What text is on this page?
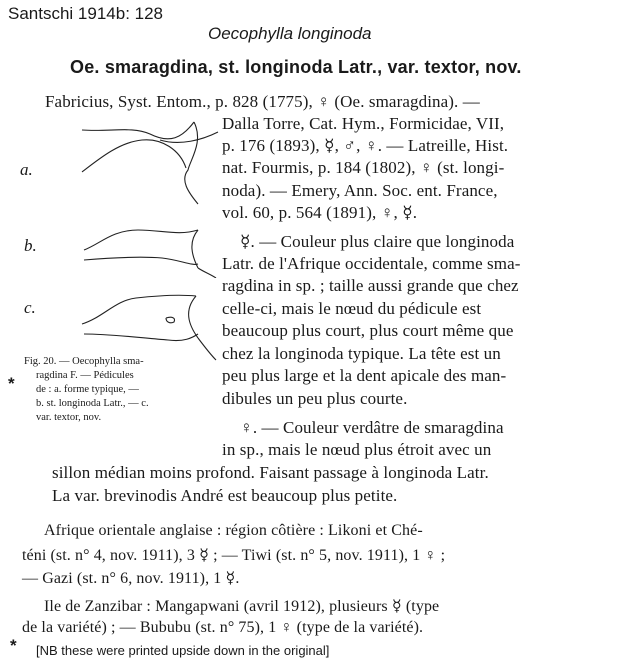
Santschi 1914b: 128
Oecophylla longinoda
Oe. smaragdina, st. longinoda Latr., var. textor, nov.
a.
b.
c.
Fig. 20. — Oecophylla sma-
ragdina F. — Pédicules
de : a. forme typique, —
b. st. longinoda Latr., — c.
var. textor, nov.
*
Fabricius, Syst. Entom., p. 828 (1775), ♀ (Oe. smaragdina). —
Dalla Torre, Cat. Hym., Formicidae, VII,
p. 176 (1893), ☿, ♂, ♀. — Latreille, Hist.
nat. Fourmis, p. 184 (1802), ♀ (st. longi-
noda). — Emery, Ann. Soc. ent. France,
vol. 60, p. 564 (1891), ♀, ☿.
☿. — Couleur plus claire que longinoda
Latr. de l'Afrique occidentale, comme sma-
ragdina in sp. ; taille aussi grande que chez
celle-ci, mais le nœud du pédicule est
beaucoup plus court, plus court même que
chez la longinoda typique. La tête est un
peu plus large et la dent apicale des man-
dibules un peu plus courte.
♀. — Couleur verdâtre de smaragdina
in sp., mais le nœud plus étroit avec un
sillon médian moins profond. Faisant passage à longinoda Latr.
La var. brevinodis André est beaucoup plus petite.
Afrique orientale anglaise : région côtière : Likoni et Ché-
téni (st. n° 4, nov. 1911), 3 ☿ ; — Tiwi (st. n° 5, nov. 1911), 1 ♀ ;
— Gazi (st. n° 6, nov. 1911), 1 ☿.
Ile de Zanzibar : Mangapwani (avril 1912), plusieurs ☿ (type
de la variété) ; — Bububu (st. n° 75), 1 ♀ (type de la variété).
* [NB these were printed upside down in the original]
